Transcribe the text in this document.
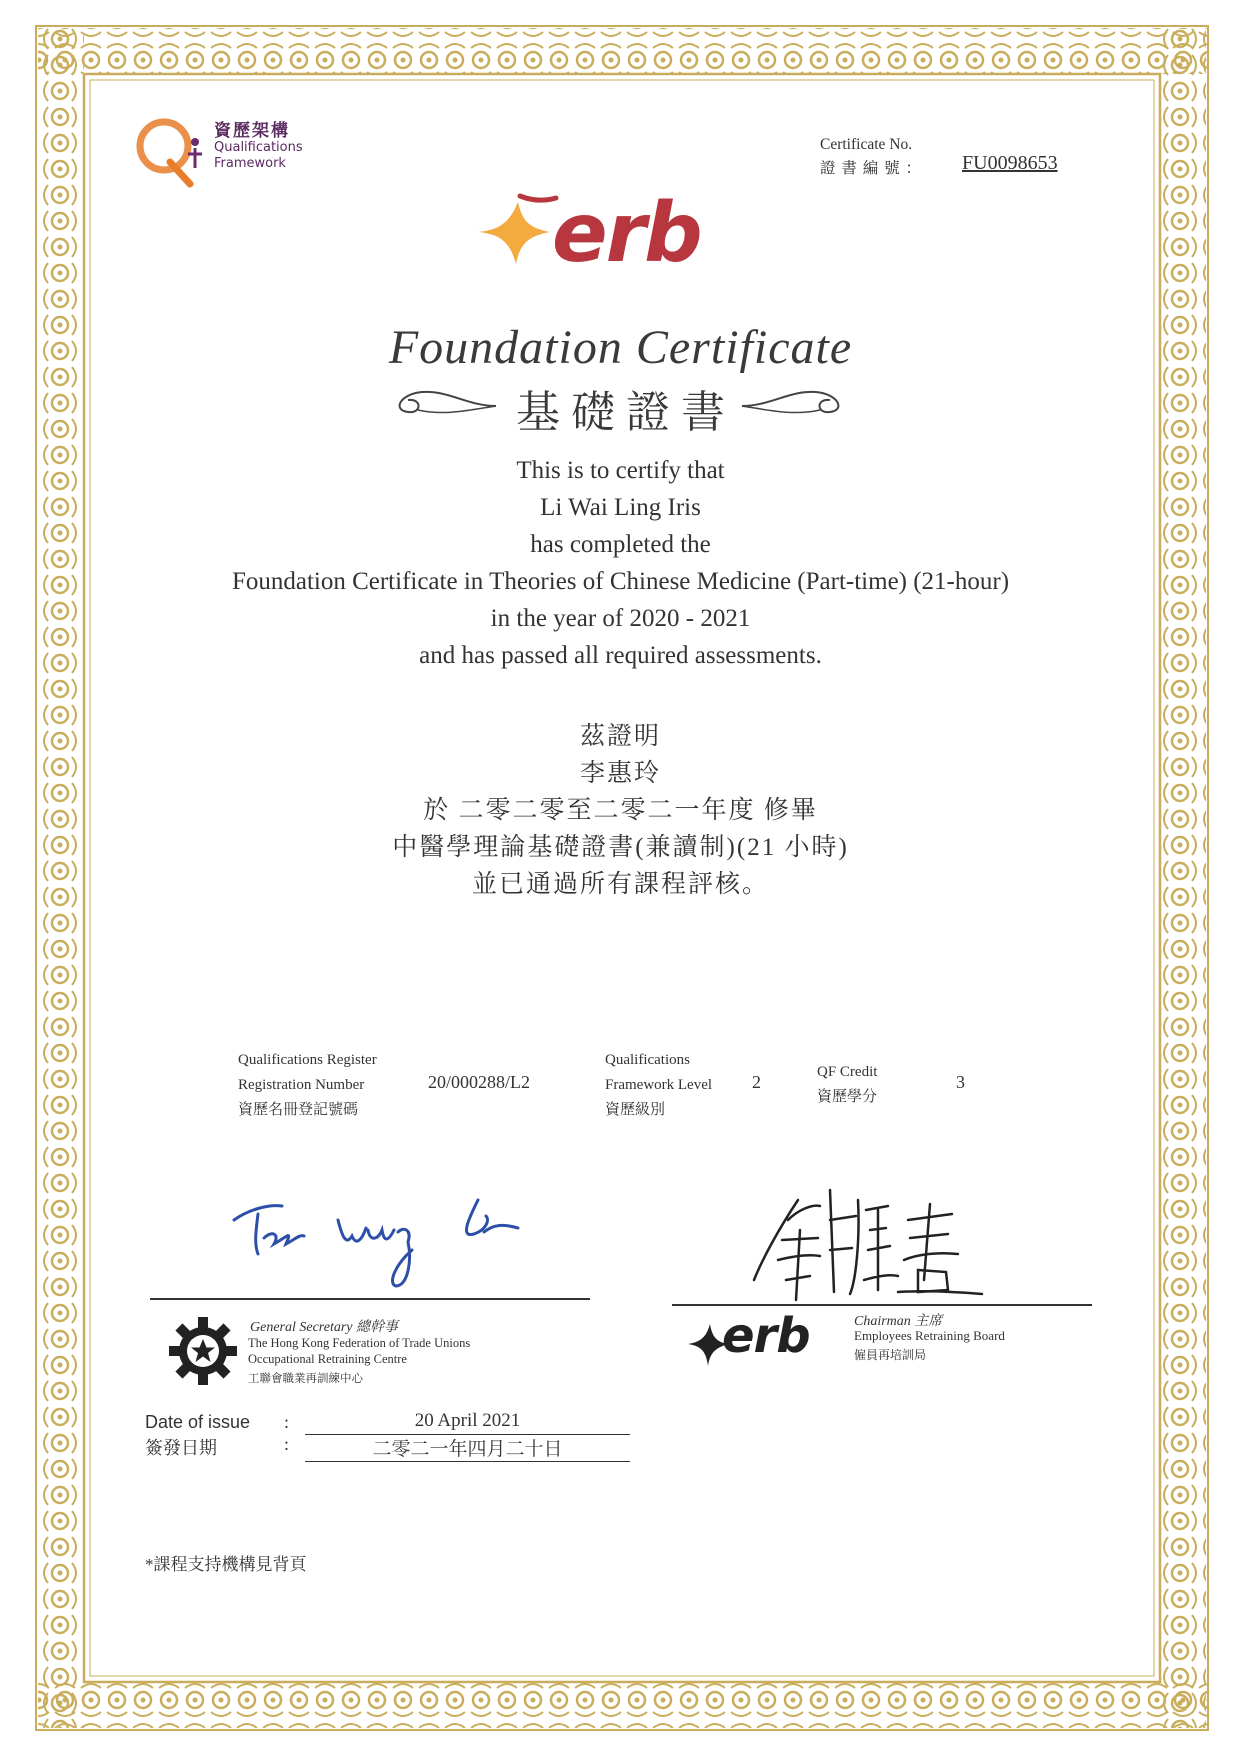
資歷架構
Qualifications
Framework
Certificate No.
證 書 編 號 ： FU0098653
erb
Foundation Certificate
基 礎 證 書
This is to certify that
Li Wai Ling Iris
has completed the
Foundation Certificate in Theories of Chinese Medicine (Part-time) (21-hour)
in the year of 2020 - 2021
and has passed all required assessments.
茲證明
李惠玲
於 二零二零至二零二一年度 修畢
中醫學理論基礎證書(兼讀制)(21 小時)
並已通過所有課程評核。
Qualifications Register
Registration Number
資歷名冊登記號碼
20/000288/L2
Qualifications
Framework Level
資歷級別
2	QF Credit
資歷學分
3
General Secretary 總幹事
The Hong Kong Federation of Trade Unions
Occupational Retraining Centre
工聯會職業再訓練中心
erb	Chairman 主席
Employees Retraining Board
僱員再培訓局
Date of issue
簽發日期
:
:
20 April 2021
二零二一年四月二十日
*課程支持機構見背頁
